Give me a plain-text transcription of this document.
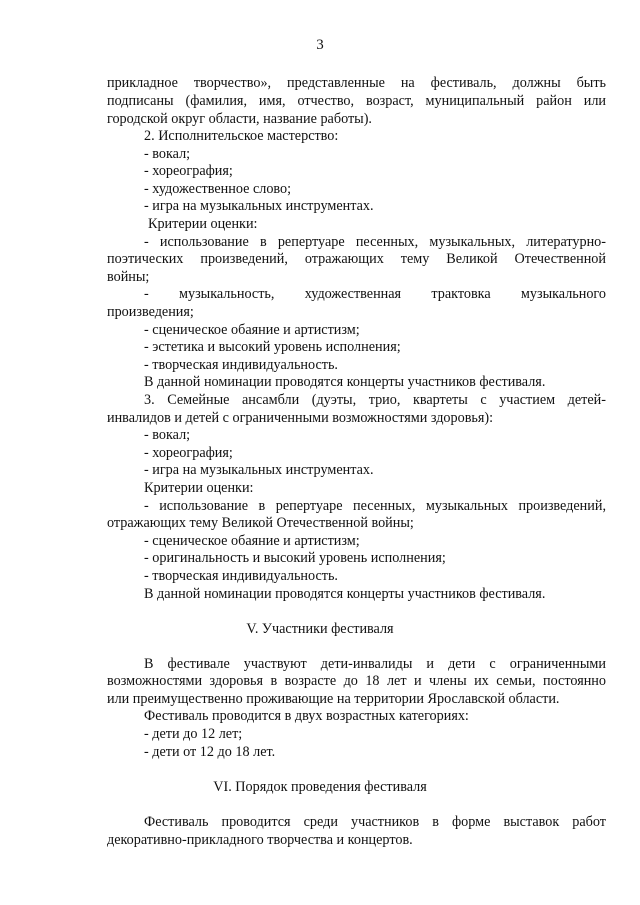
3
прикладное творчество», представленные на фестиваль, должны быть
подписаны (фамилия, имя, отчество, возраст, муниципальный район или
городской округ области, название работы).
2. Исполнительское мастерство:
- вокал;
- хореография;
- художественное слово;
- игра на музыкальных инструментах.
Критерии оценки:
- использование в репертуаре песенных, музыкальных, литературно-
поэтических произведений, отражающих тему Великой Отечественной
войны;
- музыкальность, художественная трактовка музыкального
произведения;
- сценическое обаяние и артистизм;
- эстетика и высокий уровень исполнения;
- творческая индивидуальность.
В данной номинации проводятся концерты участников фестиваля.
3. Семейные ансамбли (дуэты, трио, квартеты с участием детей-
инвалидов и детей с ограниченными возможностями здоровья):
- вокал;
- хореография;
- игра на музыкальных инструментах.
Критерии оценки:
- использование в репертуаре песенных, музыкальных произведений,
отражающих тему Великой Отечественной войны;
- сценическое обаяние и артистизм;
- оригинальность и высокий уровень исполнения;
- творческая индивидуальность.
В данной номинации проводятся концерты участников фестиваля.
V. Участники фестиваля
В фестивале участвуют дети-инвалиды и дети с ограниченными
возможностями здоровья в возрасте до 18 лет и члены их семьи, постоянно
или преимущественно проживающие на территории Ярославской области.
Фестиваль проводится в двух возрастных категориях:
- дети до 12 лет;
- дети от 12 до 18 лет.
VI. Порядок проведения фестиваля
Фестиваль проводится среди участников в форме выставок работ
декоративно-прикладного творчества и концертов.
